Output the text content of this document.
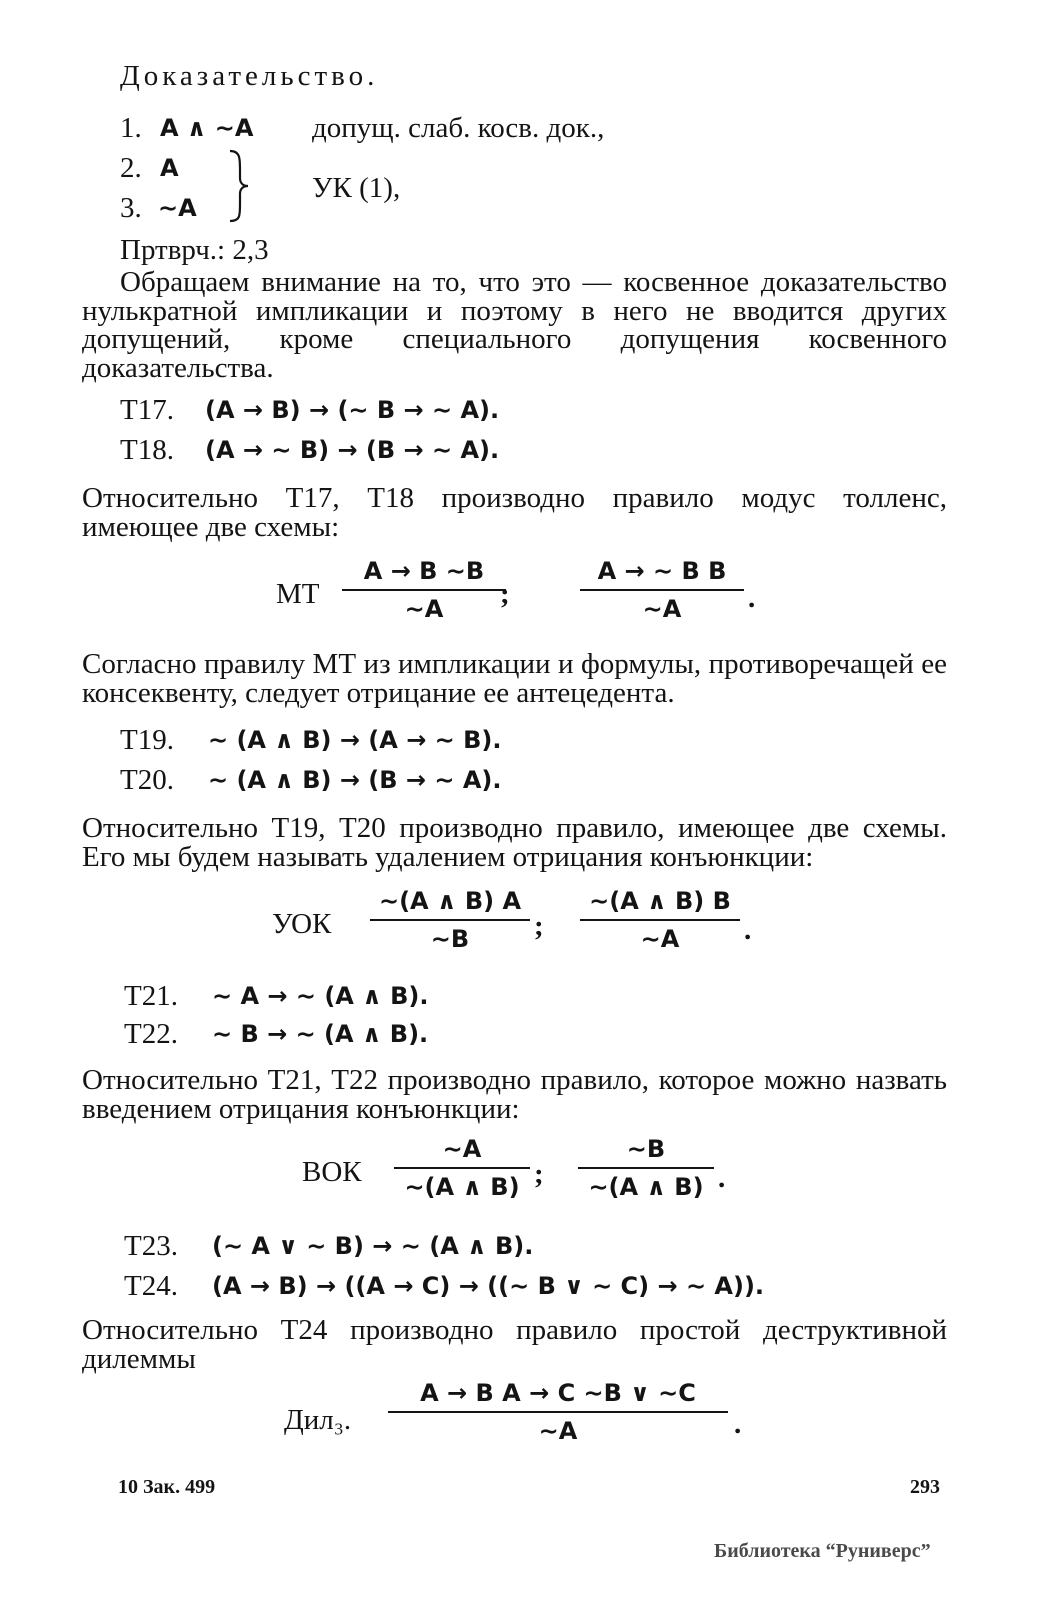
Доказательство.
1. A ∧ ∼A допущ. слаб. косв. док.,
2. A
3. ∼A
УК (1),
Пртврч.: 2,3
Обращаем внимание на то, что это — косвенное доказательство нулькратной импликации и поэтому в него не вводится других допущений, кроме специального допущения косвенного доказательства.
Т17. (A → B) → (∼ B → ∼ A).
Т18. (A → ∼ B) → (B → ∼ A).
Относительно Т17, Т18 производно правило модус толленс, имеющее две схемы:
МТ
A → B ∼B
∼A ;
A → ∼ B B
∼A .
Согласно правилу МТ из импликации и формулы, противоречащей ее консеквенту, следует отрицание ее антецедента.
Т19. ∼ (A ∧ B) → (A → ∼ B).
Т20. ∼ (A ∧ B) → (B → ∼ A).
Относительно Т19, Т20 производно правило, имеющее две схемы. Его мы будем называть удалением отрицания конъюнкции:
УОК
∼(A ∧ B) A
∼B ;
∼(A ∧ B) B
∼A .
Т21. ∼ A → ∼ (A ∧ B).
Т22. ∼ B → ∼ (A ∧ B).
Относительно Т21, Т22 производно правило, которое можно назвать введением отрицания конъюнкции:
ВОК
∼A
∼(A ∧ B) ;
∼B
∼(A ∧ B) .
Т23. (∼ A ∨ ∼ B) → ∼ (A ∧ B).
Т24. (A → B) → ((A → C) → ((∼ B ∨ ∼ C) → ∼ A)).
Относительно Т24 производно правило простой деструктивной дилеммы
Дил₃.
A → B A → C ∼B ∨ ∼C
∼A	.
10 Зак. 499	293
Библиотека “Руниверс”
